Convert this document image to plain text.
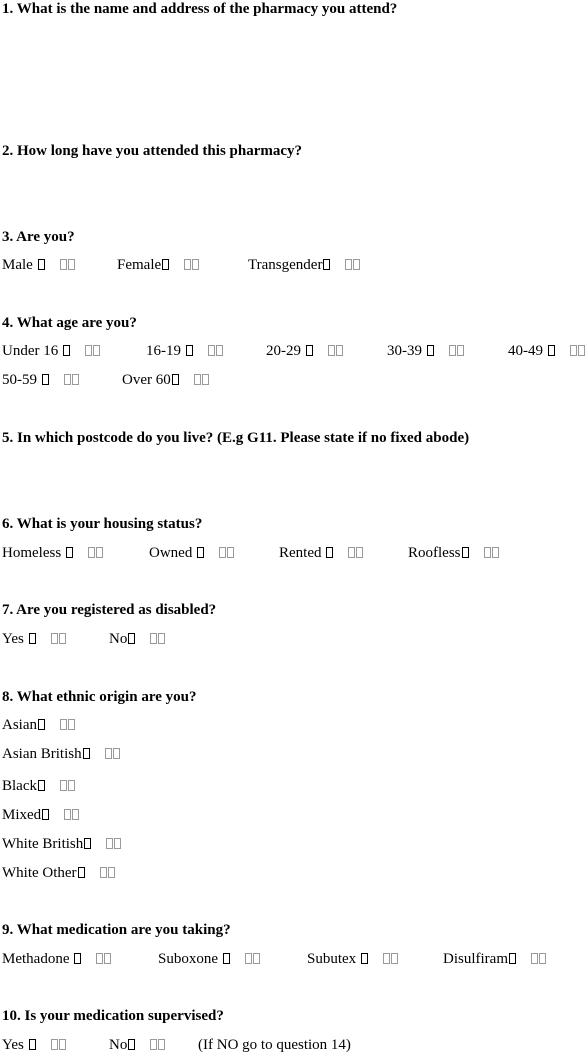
1. What is the name and address of the pharmacy you attend?
2. How long have you attended this pharmacy?
3. Are you?
Male	Female	Transgender
4. What age are you?
Under 16	16-19	20-29	30-39	40-49
50-59	Over 60
5. In which postcode do you live? (E.g G11. Please state if no fixed abode)
6. What is your housing status?
Homeless	Owned	Rented	Roofless
7. Are you registered as disabled?
Yes	No
8. What ethnic origin are you?
Asian
Asian British
Black
Mixed
White British
White Other
9. What medication are you taking?
Methadone	Suboxone	Subutex	Disulfiram
10. Is your medication supervised?
Yes	No	(If NO go to question 14)
